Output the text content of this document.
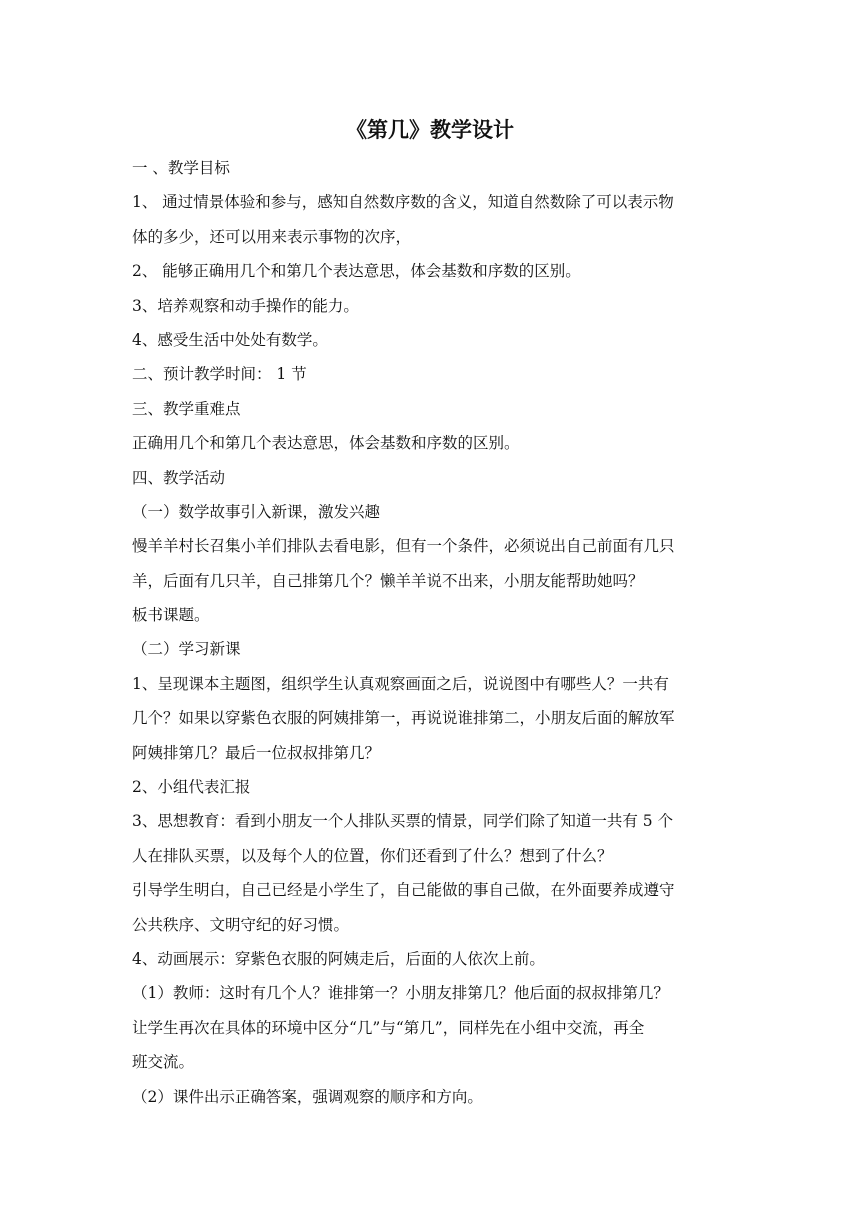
《第几》教学设计
一 、教学目标
1、 通过情景体验和参与，感知自然数序数的含义，知道自然数除了可以表示物
体的多少，还可以用来表示事物的次序，
2、 能够正确用几个和第几个表达意思，体会基数和序数的区别。
3、培养观察和动手操作的能力。
4、感受生活中处处有数学。
二、预计教学时间： 1 节
三、教学重难点
正确用几个和第几个表达意思，体会基数和序数的区别。
四、教学活动
（一）数学故事引入新课，激发兴趣
慢羊羊村长召集小羊们排队去看电影，但有一个条件，必须说出自己前面有几只
羊，后面有几只羊，自己排第几个？懒羊羊说不出来，小朋友能帮助她吗？
板书课题。
（二）学习新课
1、呈现课本主题图，组织学生认真观察画面之后，说说图中有哪些人？一共有
几个？如果以穿紫色衣服的阿姨排第一，再说说谁排第二，小朋友后面的解放军
阿姨排第几？最后一位叔叔排第几？
2、小组代表汇报
3、思想教育：看到小朋友一个人排队买票的情景，同学们除了知道一共有 5 个
人在排队买票，以及每个人的位置，你们还看到了什么？想到了什么？
引导学生明白，自己已经是小学生了，自己能做的事自己做，在外面要养成遵守
公共秩序、文明守纪的好习惯。
4、动画展示：穿紫色衣服的阿姨走后，后面的人依次上前。
（1）教师：这时有几个人？谁排第一？小朋友排第几？他后面的叔叔排第几？
让学生再次在具体的环境中区分“几”与“第几”，同样先在小组中交流，再全
班交流。
（2）课件出示正确答案，强调观察的顺序和方向。
